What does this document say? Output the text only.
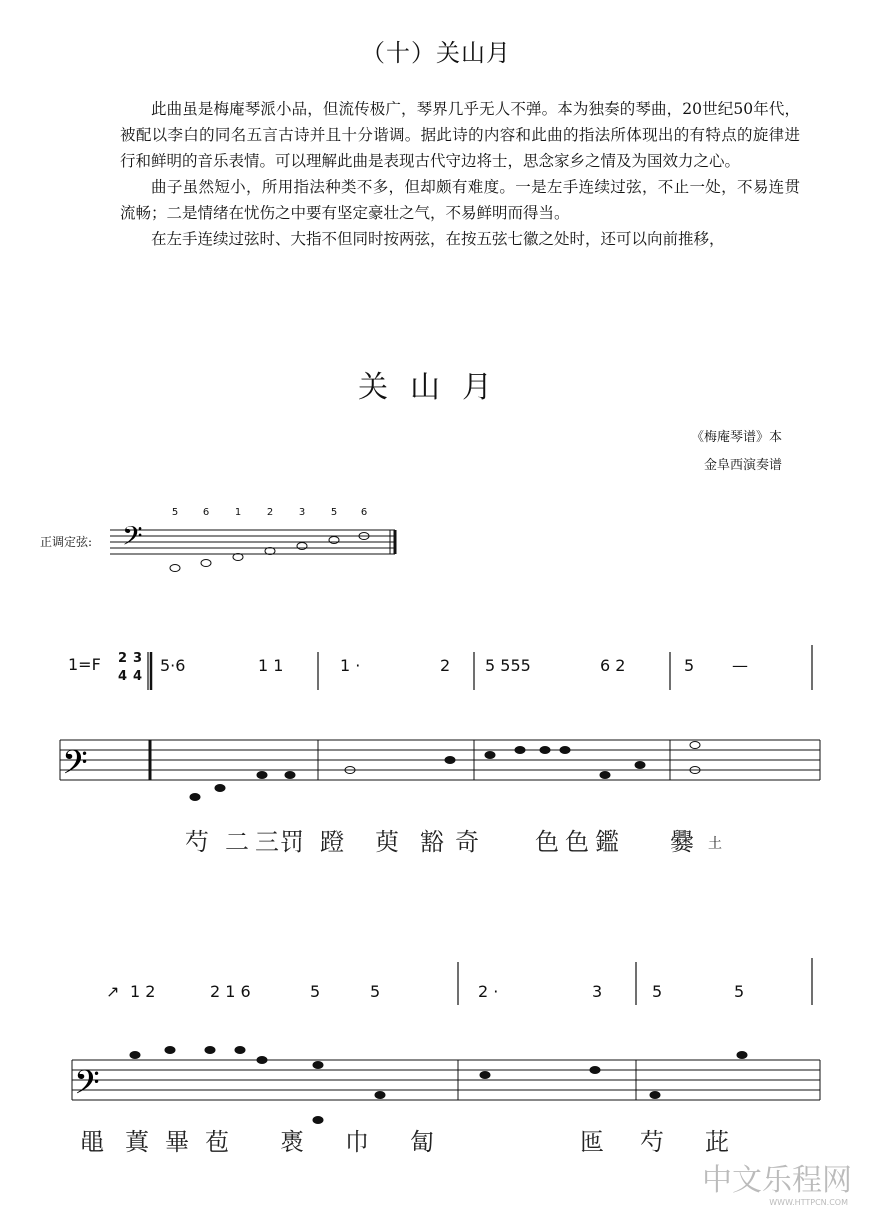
（十）关山月

此曲虽是梅庵琴派小品，但流传极广，琴界几乎无人不弹。本为独奏的琴曲，20世纪50年代，被配以李白的同名五言古诗并且十分谐调。据此诗的内容和此曲的指法所体现出的有特点的旋律进行和鲜明的音乐表情。可以理解此曲是表现古代守边将士，思念家乡之情及为国效力之心。

曲子虽然短小，所用指法种类不多，但却颇有难度。一是左手连续过弦，不止一处，不易连贯流畅；二是情绪在忧伤之中要有坚定豪壮之气，不易鲜明而得当。

在左手连续过弦时、大指不但同时按两弦，在按五弦七徽之处时，还可以向前推移，

关山月
《梅庵琴谱》本
金阜西演奏谱
正调定弦:
5 6	1	2	3	5 6
𝄢
1=F 2 3
4 4
5·6	1 1	1 ·	2 5 555	6 2	5 —
𝄢
芍 二 三 罚 蹬 萸 豁 奇 色 色 鑑 爨 土
↗ 1 2	2 1 6	5	5	2 ·	3	5	5
𝄢
黽 蒖 畢 苞 褭 巾 匐	匜 芍 茈
中文乐程网
WWW.HTTPCN.COM
